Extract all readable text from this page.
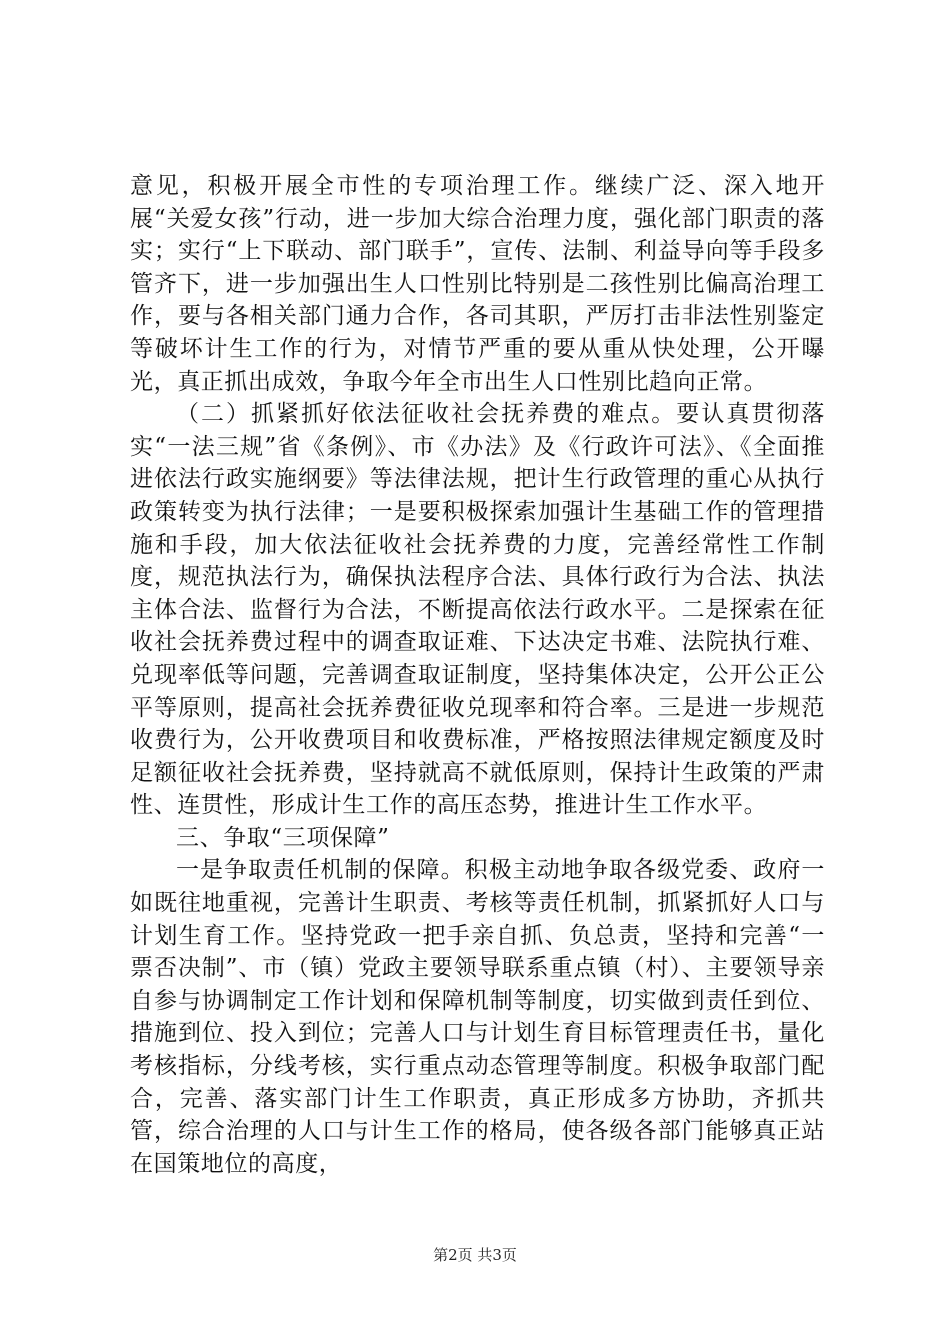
意见，积极开展全市性的专项治理工作。继续广泛、深入地开展“关爱女孩”行动，进一步加大综合治理力度，强化部门职责的落实；实行“上下联动、部门联手”，宣传、法制、利益导向等手段多管齐下，进一步加强出生人口性别比特别是二孩性别比偏高治理工作，要与各相关部门通力合作，各司其职，严厉打击非法性别鉴定等破坏计生工作的行为，对情节严重的要从重从快处理，公开曝光，真正抓出成效，争取今年全市出生人口性别比趋向正常。

（二）抓紧抓好依法征收社会抚养费的难点。要认真贯彻落实“一法三规”省《条例》、市《办法》及《行政许可法》、《全面推进依法行政实施纲要》等法律法规，把计生行政管理的重心从执行政策转变为执行法律；一是要积极探索加强计生基础工作的管理措施和手段，加大依法征收社会抚养费的力度，完善经常性工作制度，规范执法行为，确保执法程序合法、具体行政行为合法、执法主体合法、监督行为合法，不断提高依法行政水平。二是探索在征收社会抚养费过程中的调查取证难、下达决定书难、法院执行难、兑现率低等问题，完善调查取证制度，坚持集体决定，公开公正公平等原则，提高社会抚养费征收兑现率和符合率。三是进一步规范收费行为，公开收费项目和收费标准，严格按照法律规定额度及时足额征收社会抚养费，坚持就高不就低原则，保持计生政策的严肃性、连贯性，形成计生工作的高压态势，推进计生工作水平。

三、争取“三项保障”

一是争取责任机制的保障。积极主动地争取各级党委、政府一如既往地重视，完善计生职责、考核等责任机制，抓紧抓好人口与计划生育工作。坚持党政一把手亲自抓、负总责，坚持和完善“一票否决制”、市（镇）党政主要领导联系重点镇（村）、主要领导亲自参与协调制定工作计划和保障机制等制度，切实做到责任到位、措施到位、投入到位；完善人口与计划生育目标管理责任书，量化考核指标，分线考核，实行重点动态管理等制度。积极争取部门配合，完善、落实部门计生工作职责，真正形成多方协助，齐抓共管，综合治理的人口与计生工作的格局，使各级各部门能够真正站在国策地位的高度，

第2页 共3页
